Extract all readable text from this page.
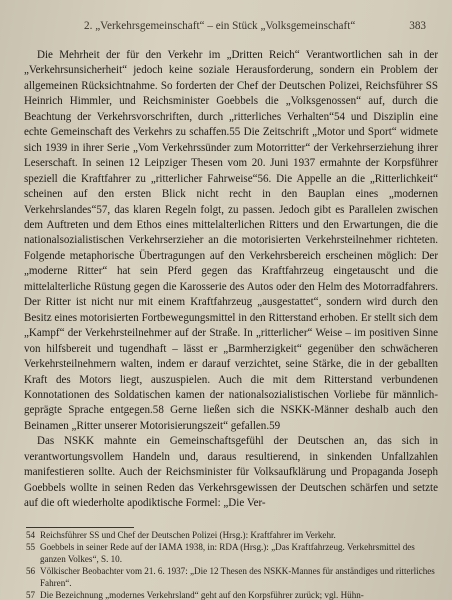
2. „Verkehrsgemeinschaft“ – ein Stück „Volksgemeinschaft“	383

Die Mehrheit der für den Verkehr im „Dritten Reich“ Verantwortlichen sah in der „Verkehrsunsicherheit“ jedoch keine soziale Herausforderung, sondern ein Problem der allgemeinen Rücksichtnahme. So forderten der Chef der Deutschen Polizei, Reichsführer SS Heinrich Himmler, und Reichsminister Goebbels die „Volksgenossen“ auf, durch die Beachtung der Verkehrsvorschriften, durch „ritterliches Verhalten“54 und Disziplin eine echte Gemeinschaft des Verkehrs zu schaffen.55 Die Zeitschrift „Motor und Sport“ widmete sich 1939 in ihrer Serie „Vom Verkehrssünder zum Motorritter“ der Verkehrserziehung ihrer Leserschaft. In seinen 12 Leipziger Thesen vom 20. Juni 1937 ermahnte der Korpsführer speziell die Kraftfahrer zu „ritterlicher Fahrweise“56. Die Appelle an die „Ritterlichkeit“ scheinen auf den ersten Blick nicht recht in den Bauplan eines „modernen Verkehrslandes“57, das klaren Regeln folgt, zu passen. Jedoch gibt es Parallelen zwischen dem Auftreten und dem Ethos eines mittelalterlichen Ritters und den Erwartungen, die die nationalsozialistischen Verkehrserzieher an die motorisierten Verkehrsteilnehmer richteten. Folgende metaphorische Übertragungen auf den Verkehrsbereich erscheinen möglich: Der „moderne Ritter“ hat sein Pferd gegen das Kraftfahrzeug eingetauscht und die mittelalterliche Rüstung gegen die Karosserie des Autos oder den Helm des Motorradfahrers. Der Ritter ist nicht nur mit einem Kraftfahrzeug „ausgestattet“, sondern wird durch den Besitz eines motorisierten Fortbewegungsmittel in den Ritterstand erhoben. Er stellt sich dem „Kampf“ der Verkehrsteilnehmer auf der Straße. In „ritterlicher“ Weise – im positiven Sinne von hilfsbereit und tugendhaft – lässt er „Barmherzigkeit“ gegenüber den schwächeren Verkehrsteilnehmern walten, indem er darauf verzichtet, seine Stärke, die in der geballten Kraft des Motors liegt, auszuspielen. Auch die mit dem Ritterstand verbundenen Konnotationen des Soldatischen kamen der nationalsozialistischen Vorliebe für männlich-geprägte Sprache entgegen.58 Gerne ließen sich die NSKK-Männer deshalb auch den Beinamen „Ritter unserer Motorisierungszeit“ gefallen.59

Das NSKK mahnte ein Gemeinschaftsgefühl der Deutschen an, das sich in verantwortungsvollem Handeln und, daraus resultierend, in sinkenden Unfallzahlen manifestieren sollte. Auch der Reichsminister für Volksaufklärung und Propaganda Joseph Goebbels wollte in seinen Reden das Verkehrsgewissen der Deutschen schärfen und setzte auf die oft wiederholte apodiktische Formel: „Die Ver-

54 Reichsführer SS und Chef der Deutschen Polizei (Hrsg.): Kraftfahrer im Verkehr.

55 Goebbels in seiner Rede auf der IAMA 1938, in: RDA (Hrsg.): „Das Kraftfahrzeug. Verkehrsmittel des ganzen Volkes“, S. 10.

56 Völkischer Beobachter vom 21. 6. 1937: „Die 12 Thesen des NSKK-Mannes für anständiges und ritterliches Fahren“.

57 Die Bezeichnung „modernes Verkehrsland“ geht auf den Korpsführer zurück; vgl. Hühn-
